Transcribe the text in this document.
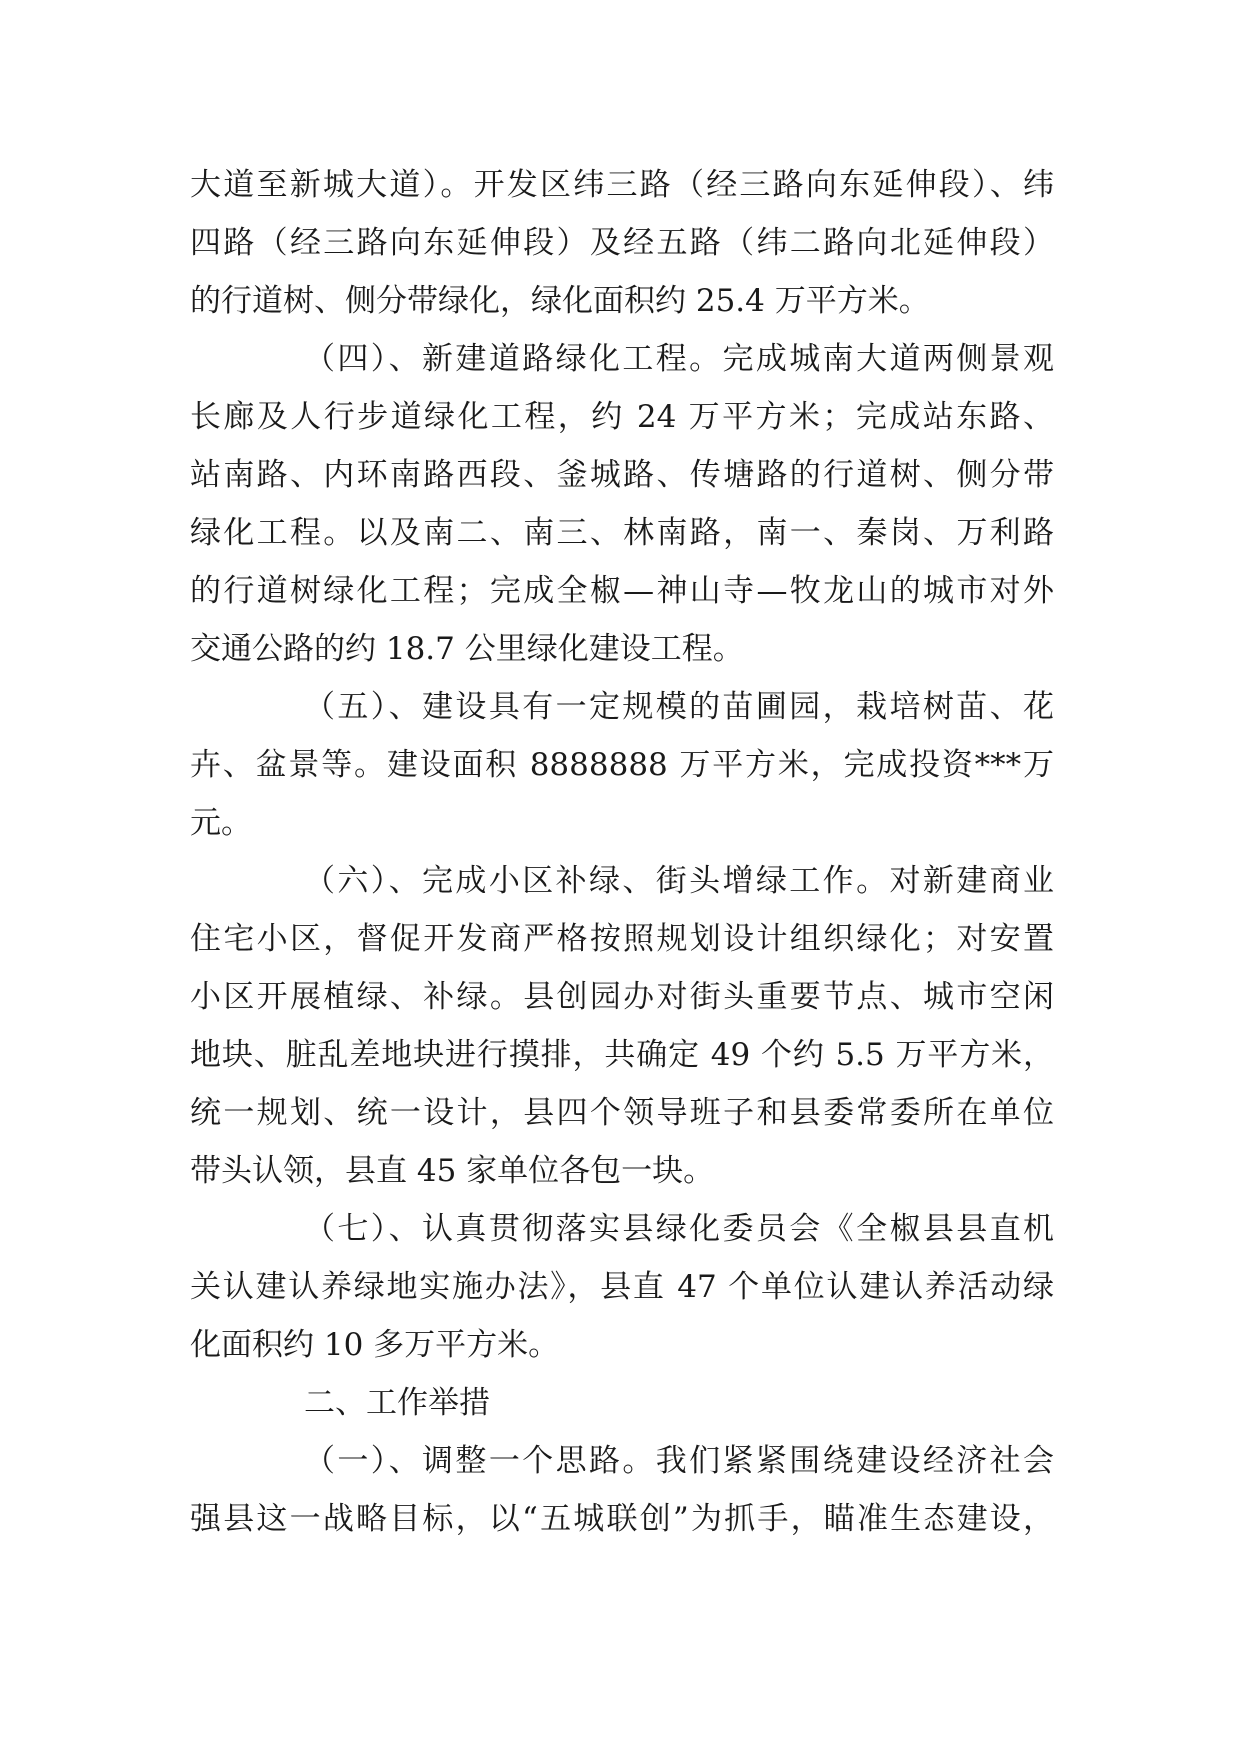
大道至新城大道）。开发区纬三路（经三路向东延伸段）、纬
四路（经三路向东延伸段）及经五路（纬二路向北延伸段）
的行道树、侧分带绿化，绿化面积约 25.4 万平方米。
（四）、新建道路绿化工程。完成城南大道两侧景观
长廊及人行步道绿化工程，约 24 万平方米；完成站东路、
站南路、内环南路西段、釜城路、传塘路的行道树、侧分带
绿化工程。以及南二、南三、林南路，南一、秦岗、万利路
的行道树绿化工程；完成全椒—神山寺—牧龙山的城市对外
交通公路的约 18.7 公里绿化建设工程。
（五）、建设具有一定规模的苗圃园，栽培树苗、花
卉、盆景等。建设面积 8888888 万平方米，完成投资***万
元。
（六）、完成小区补绿、街头增绿工作。对新建商业
住宅小区，督促开发商严格按照规划设计组织绿化；对安置
小区开展植绿、补绿。县创园办对街头重要节点、城市空闲
地块、脏乱差地块进行摸排，共确定 49 个约 5.5 万平方米，
统一规划、统一设计，县四个领导班子和县委常委所在单位
带头认领，县直 45 家单位各包一块。
（七）、认真贯彻落实县绿化委员会《全椒县县直机
关认建认养绿地实施办法》，县直 47 个单位认建认养活动绿
化面积约 10 多万平方米。
二、工作举措
（一）、调整一个思路。我们紧紧围绕建设经济社会
强县这一战略目标，以“五城联创”为抓手，瞄准生态建设，
